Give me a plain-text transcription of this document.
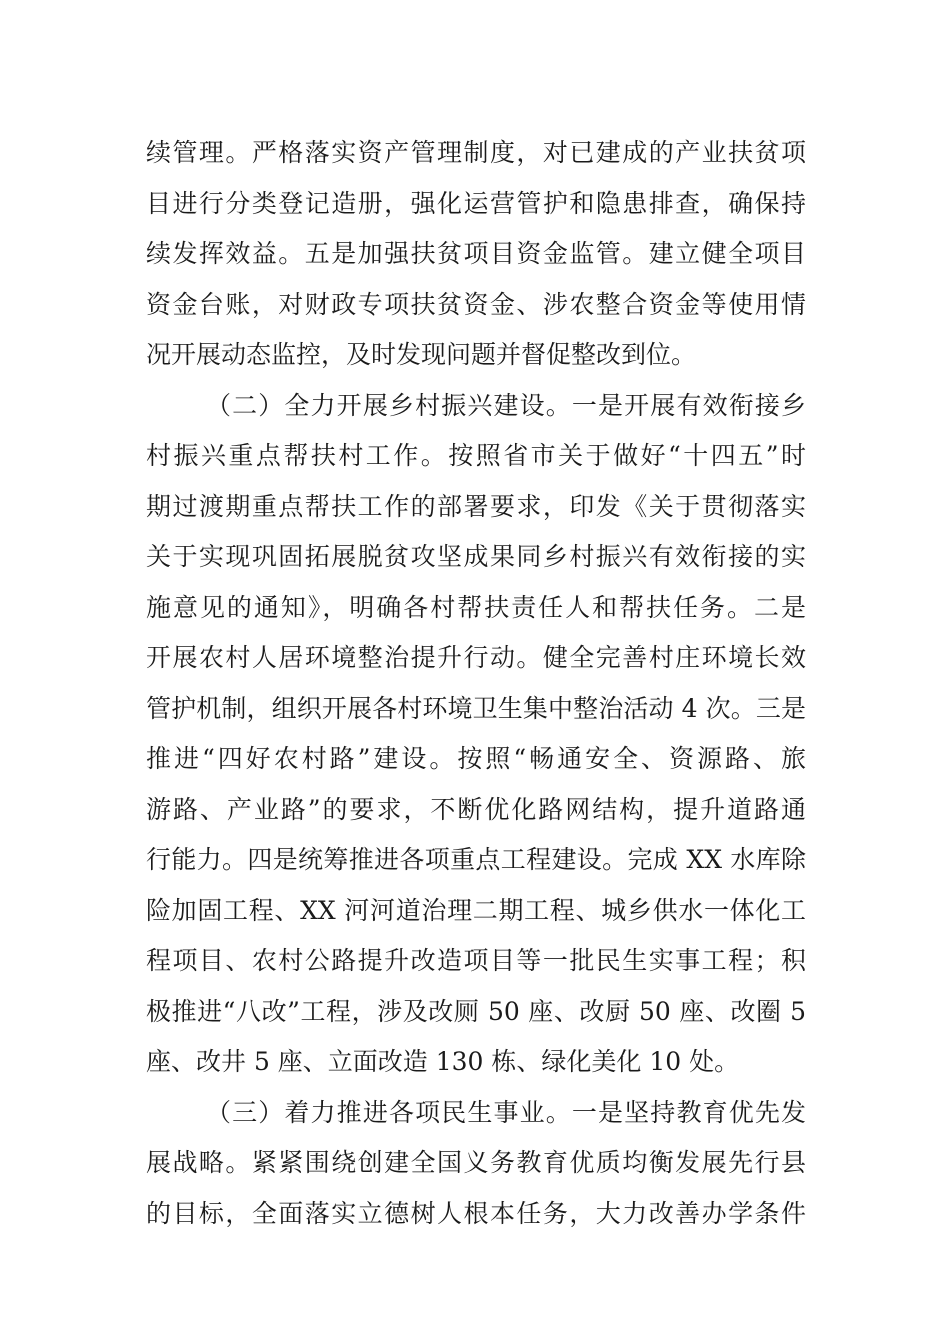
续管理。严格落实资产管理制度，对已建成的产业扶贫项
目进行分类登记造册，强化运营管护和隐患排查，确保持
续发挥效益。五是加强扶贫项目资金监管。建立健全项目
资金台账，对财政专项扶贫资金、涉农整合资金等使用情
况开展动态监控，及时发现问题并督促整改到位。
（二）全力开展乡村振兴建设。一是开展有效衔接乡
村振兴重点帮扶村工作。按照省市关于做好“十四五”时
期过渡期重点帮扶工作的部署要求，印发《关于贯彻落实
关于实现巩固拓展脱贫攻坚成果同乡村振兴有效衔接的实
施意见的通知》，明确各村帮扶责任人和帮扶任务。二是
开展农村人居环境整治提升行动。健全完善村庄环境长效
管护机制，组织开展各村环境卫生集中整治活动 4 次。三是
推进“四好农村路”建设。按照“畅通安全、资源路、旅
游路、产业路”的要求，不断优化路网结构，提升道路通
行能力。四是统筹推进各项重点工程建设。完成 XX 水库除
险加固工程、XX 河河道治理二期工程、城乡供水一体化工
程项目、农村公路提升改造项目等一批民生实事工程；积
极推进“八改”工程，涉及改厕 50 座、改厨 50 座、改圈 5
座、改井 5 座、立面改造 130 栋、绿化美化 10 处。
（三）着力推进各项民生事业。一是坚持教育优先发
展战略。紧紧围绕创建全国义务教育优质均衡发展先行县
的目标，全面落实立德树人根本任务，大力改善办学条件
